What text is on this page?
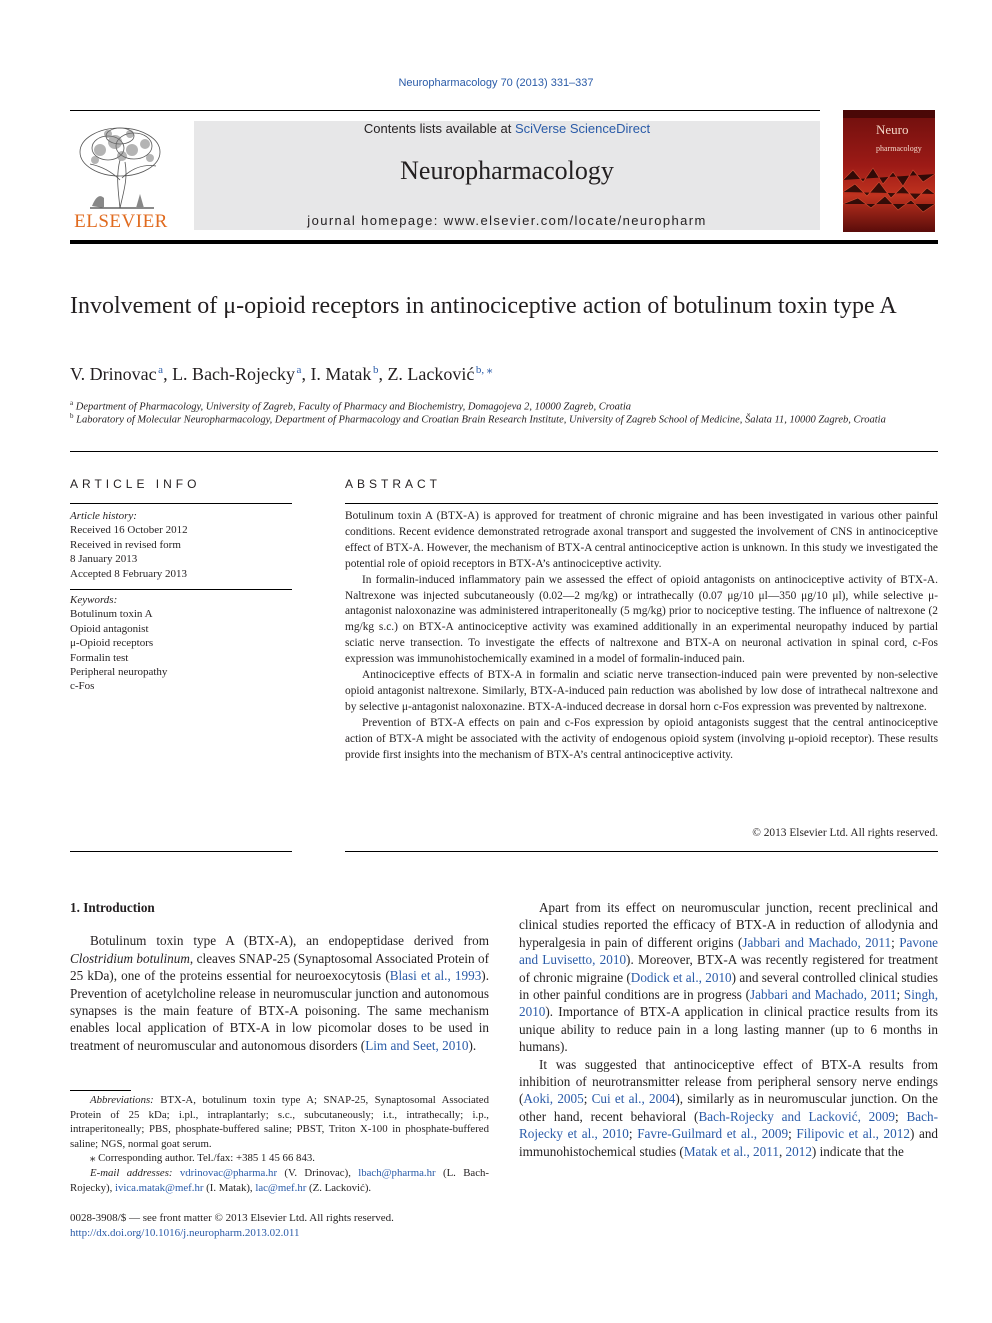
Neuropharmacology 70 (2013) 331–337
ELSEVIER
Contents lists available at SciVerse ScienceDirect
Neuropharmacology
journal homepage: www.elsevier.com/locate/neuropharm
Neuro
pharmacology
Involvement of μ-opioid receptors in antinociceptive action of botulinum toxin type A
V. Drinovac  $^a$, L. Bach-Rojecky  $^a$, I. Matak  $^b$, Z. Lacković  $^{b, ⁎}$
$^a$ Department of Pharmacology, University of Zagreb, Faculty of Pharmacy and Biochemistry, Domagojeva 2, 10000 Zagreb, Croatia
$^b$ Laboratory of Molecular Neuropharmacology, Department of Pharmacology and Croatian Brain Research Institute, University of Zagreb School of Medicine, Šalata 11, 10000 Zagreb, Croatia
ARTICLE INFO	ABSTRACT
Article history:
Received 16 October 2012
Received in revised form
8 January 2013
Accepted 8 February 2013
Keywords:
Botulinum toxin A
Opioid antagonist
μ-Opioid receptors
Formalin test
Peripheral neuropathy
c-Fos

Botulinum toxin A (BTX-A) is approved for treatment of chronic migraine and has been investigated in various other painful conditions. Recent evidence demonstrated retrograde axonal transport and suggested the involvement of CNS in antinociceptive effect of BTX-A. However, the mechanism of BTX-A central antinociceptive action is unknown. In this study we investigated the potential role of opioid receptors in BTX-A’s antinociceptive activity.

In formalin-induced inflammatory pain we assessed the effect of opioid antagonists on antinociceptive activity of BTX-A. Naltrexone was injected subcutaneously (0.02—2 mg/kg) or intrathecally (0.07 μg/10 μl—350 μg/10 μl), while selective μ-antagonist naloxonazine was administered intraperitoneally (5 mg/kg) prior to nociceptive testing. The influence of naltrexone (2 mg/kg s.c.) on BTX-A antinociceptive activity was examined additionally in an experimental neuropathy induced by partial sciatic nerve transection. To investigate the effects of naltrexone and BTX-A on neuronal activation in spinal cord, c-Fos expression was immunohistochemically examined in a model of formalin-induced pain.

Antinociceptive effects of BTX-A in formalin and sciatic nerve transection-induced pain were prevented by non-selective opioid antagonist naltrexone. Similarly, BTX-A-induced pain reduction was abolished by low dose of intrathecal naltrexone and by selective μ-antagonist naloxonazine. BTX-A-induced decrease in dorsal horn c-Fos expression was prevented by naltrexone.

Prevention of BTX-A effects on pain and c-Fos expression by opioid antagonists suggest that the central antinociceptive action of BTX-A might be associated with the activity of endogenous opioid system (involving μ-opioid receptor). These results provide first insights into the mechanism of BTX-A’s central antinociceptive activity.

© 2013 Elsevier Ltd. All rights reserved.
1. Introduction

Botulinum toxin type A (BTX-A), an endopeptidase derived from Clostridium botulinum, cleaves SNAP-25 (Synaptosomal Associated Protein of 25 kDa), one of the proteins essential for neuroexocytosis (Blasi et al., 1993). Prevention of acetylcholine release in neuromuscular junction and autonomous synapses is the main feature of BTX-A poisoning. The same mechanism enables local application of BTX-A in low picomolar doses to be used in treatment of neuromuscular and autonomous disorders (Lim and Seet, 2010).

Abbreviations: BTX-A, botulinum toxin type A; SNAP-25, Synaptosomal Associated Protein of 25 kDa; i.pl., intraplantarly; s.c., subcutaneously; i.t., intrathecally; i.p., intraperitoneally; PBS, phosphate-buffered saline; PBST, Triton X-100 in phosphate-buffered saline; NGS, normal goat serum.

⁎ Corresponding author. Tel./fax: +385 1 45 66 843.

E-mail addresses: vdrinovac@pharma.hr (V. Drinovac), lbach@pharma.hr (L. Bach-Rojecky), ivica.matak@mef.hr (I. Matak), lac@mef.hr (Z. Lacković).

0028-3908/$ — see front matter © 2013 Elsevier Ltd. All rights reserved.
http://dx.doi.org/10.1016/j.neuropharm.2013.02.011

Apart from its effect on neuromuscular junction, recent preclinical and clinical studies reported the efficacy of BTX-A in reduction of allodynia and hyperalgesia in pain of different origins (Jabbari and Machado, 2011; Pavone and Luvisetto, 2010). Moreover, BTX-A was recently registered for treatment of chronic migraine (Dodick et al., 2010) and several controlled clinical studies in other painful conditions are in progress (Jabbari and Machado, 2011; Singh, 2010). Importance of BTX-A application in clinical practice results from its unique ability to reduce pain in a long lasting manner (up to 6 months in humans).

It was suggested that antinociceptive effect of BTX-A results from inhibition of neurotransmitter release from peripheral sensory nerve endings (Aoki, 2005; Cui et al., 2004), similarly as in neuromuscular junction. On the other hand, recent behavioral (Bach-Rojecky and Lacković, 2009; Bach-Rojecky et al., 2010; Favre-Guilmard et al., 2009; Filipovic et al., 2012) and immunohistochemical studies (Matak et al., 2011, 2012) indicate that the
